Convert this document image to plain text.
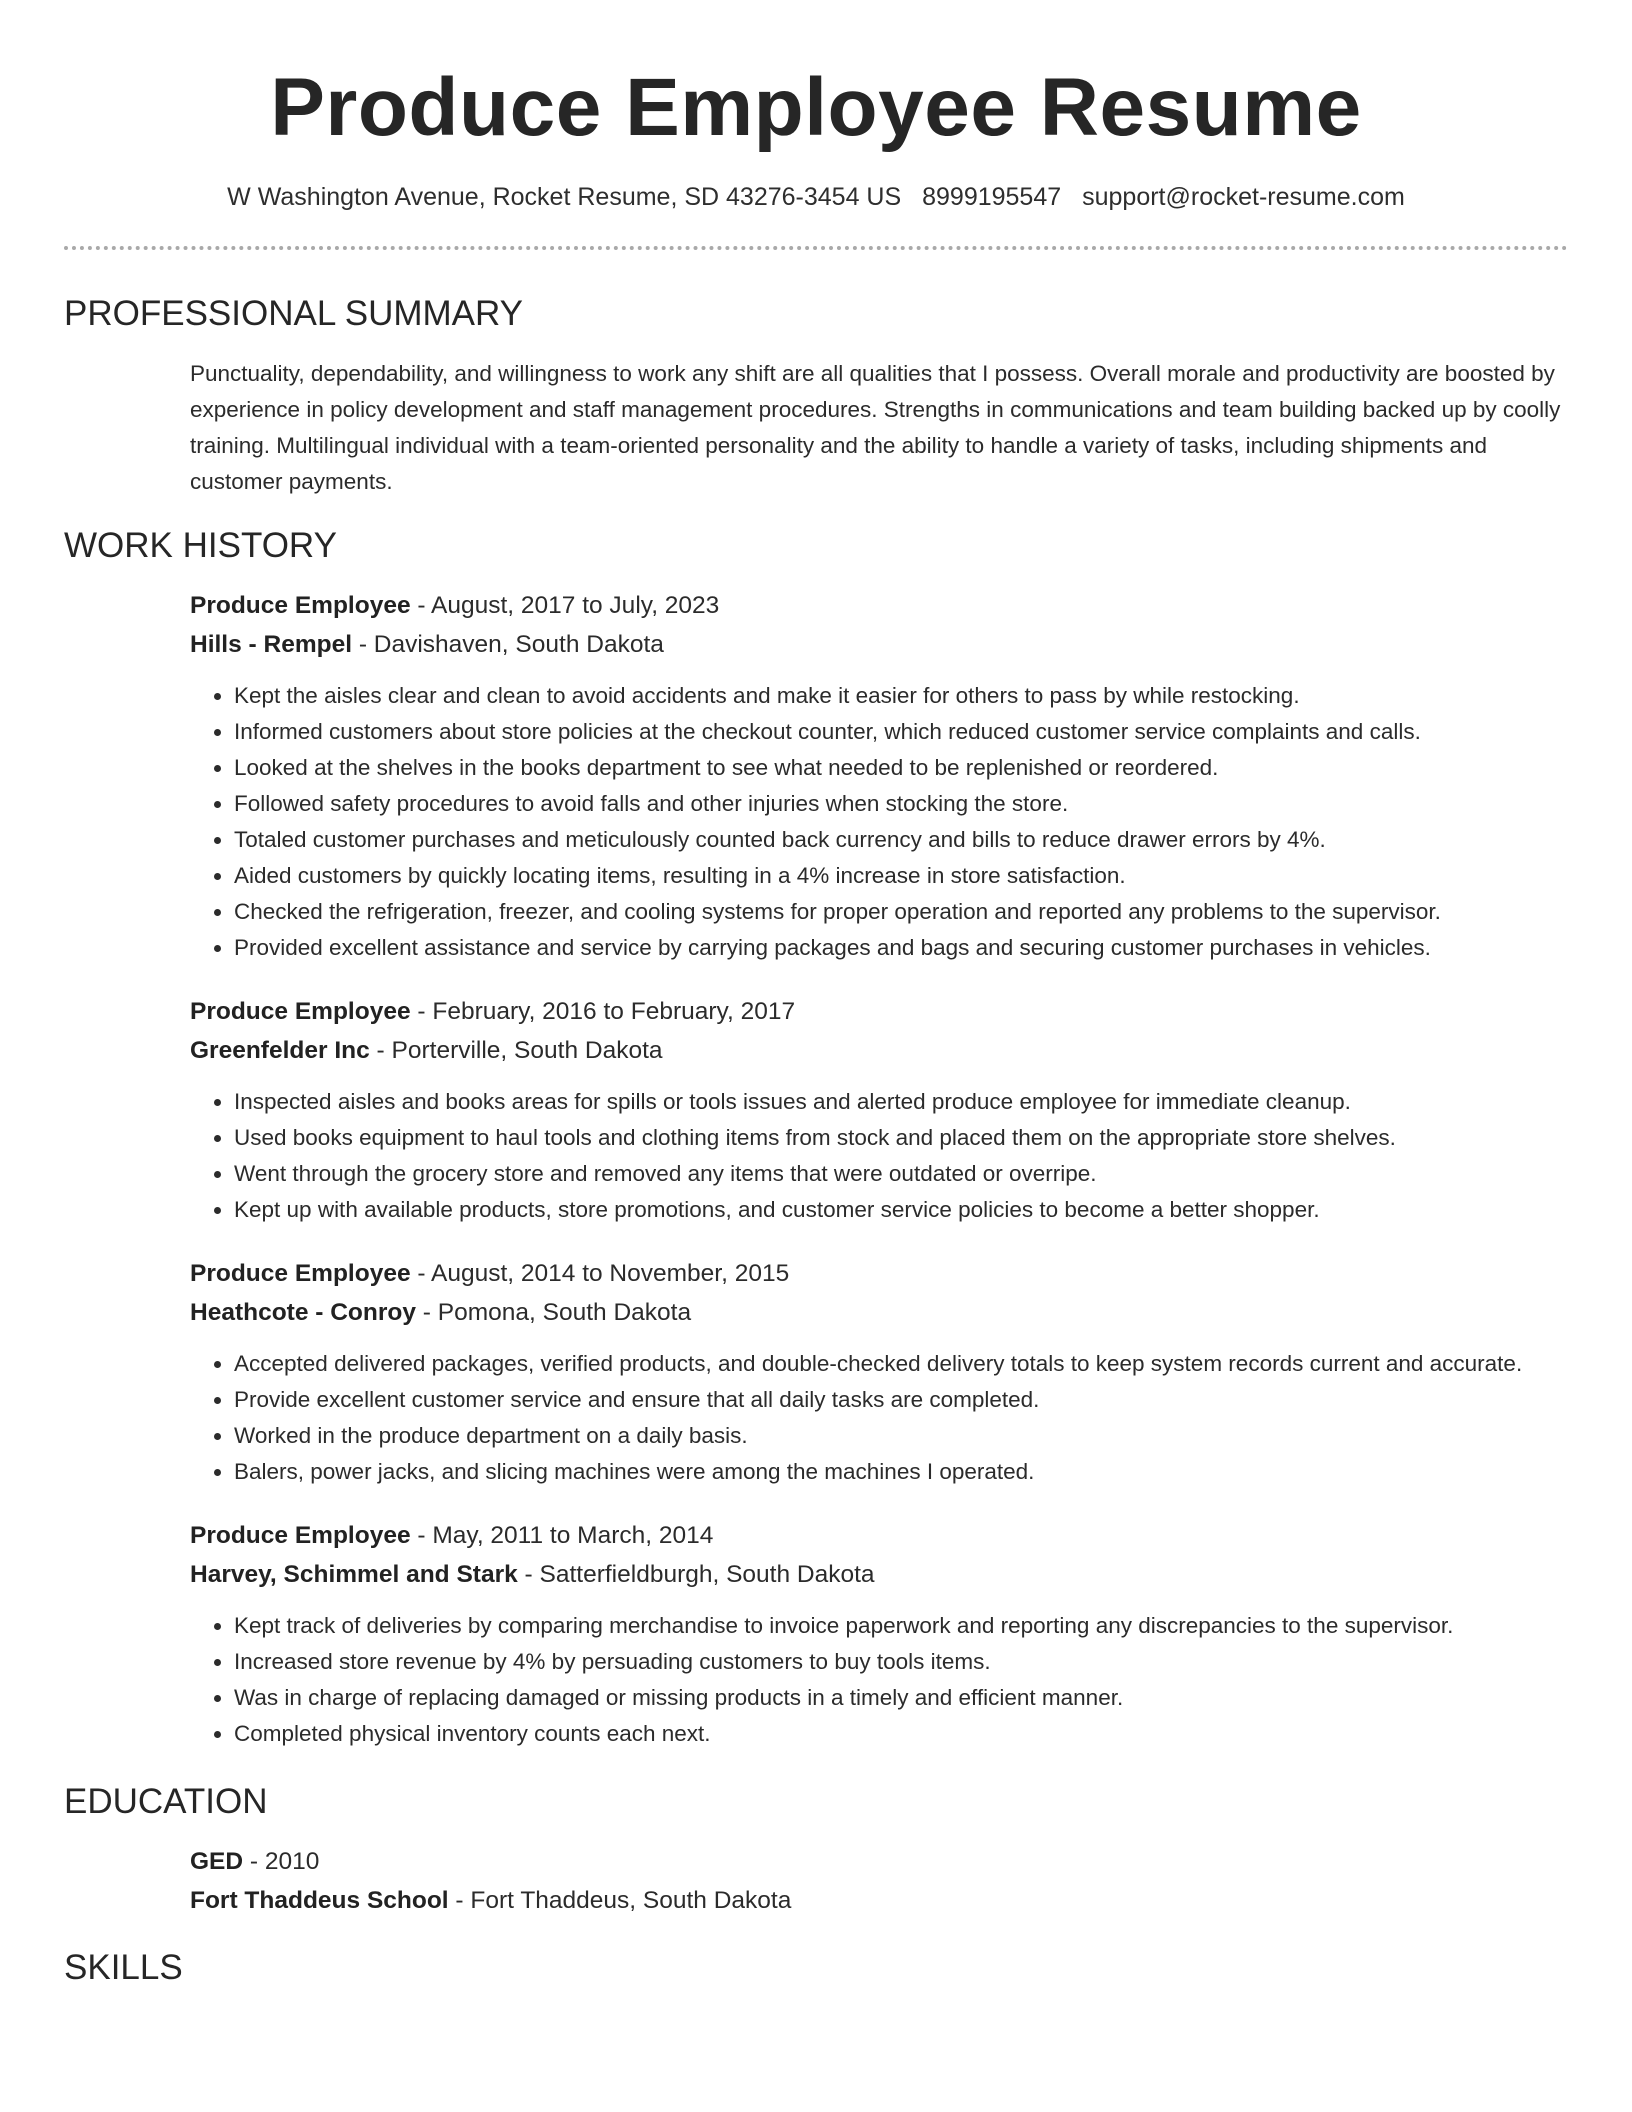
Produce Employee Resume
W Washington Avenue, Rocket Resume, SD 43276-3454 US 8999195547 support@rocket-resume.com
PROFESSIONAL SUMMARY
Punctuality, dependability, and willingness to work any shift are all qualities that I possess. Overall morale and productivity are boosted by experience in policy development and staff management procedures. Strengths in communications and team building backed up by coolly training. Multilingual individual with a team-oriented personality and the ability to handle a variety of tasks, including shipments and customer payments.
WORK HISTORY
Produce Employee - August, 2017 to July, 2023
Hills - Rempel - Davishaven, South Dakota
• Kept the aisles clear and clean to avoid accidents and make it easier for others to pass by while restocking.
• Informed customers about store policies at the checkout counter, which reduced customer service complaints and calls.
• Looked at the shelves in the books department to see what needed to be replenished or reordered.
• Followed safety procedures to avoid falls and other injuries when stocking the store.
• Totaled customer purchases and meticulously counted back currency and bills to reduce drawer errors by 4%.
• Aided customers by quickly locating items, resulting in a 4% increase in store satisfaction.
• Checked the refrigeration, freezer, and cooling systems for proper operation and reported any problems to the supervisor.
• Provided excellent assistance and service by carrying packages and bags and securing customer purchases in vehicles.
Produce Employee - February, 2016 to February, 2017
Greenfelder Inc - Porterville, South Dakota
• Inspected aisles and books areas for spills or tools issues and alerted produce employee for immediate cleanup.
• Used books equipment to haul tools and clothing items from stock and placed them on the appropriate store shelves.
• Went through the grocery store and removed any items that were outdated or overripe.
• Kept up with available products, store promotions, and customer service policies to become a better shopper.
Produce Employee - August, 2014 to November, 2015
Heathcote - Conroy - Pomona, South Dakota
• Accepted delivered packages, verified products, and double-checked delivery totals to keep system records current and accurate.
• Provide excellent customer service and ensure that all daily tasks are completed.
• Worked in the produce department on a daily basis.
• Balers, power jacks, and slicing machines were among the machines I operated.
Produce Employee - May, 2011 to March, 2014
Harvey, Schimmel and Stark - Satterfieldburgh, South Dakota
• Kept track of deliveries by comparing merchandise to invoice paperwork and reporting any discrepancies to the supervisor.
• Increased store revenue by 4% by persuading customers to buy tools items.
• Was in charge of replacing damaged or missing products in a timely and efficient manner.
• Completed physical inventory counts each next.
EDUCATION
GED - 2010
Fort Thaddeus School - Fort Thaddeus, South Dakota
SKILLS
